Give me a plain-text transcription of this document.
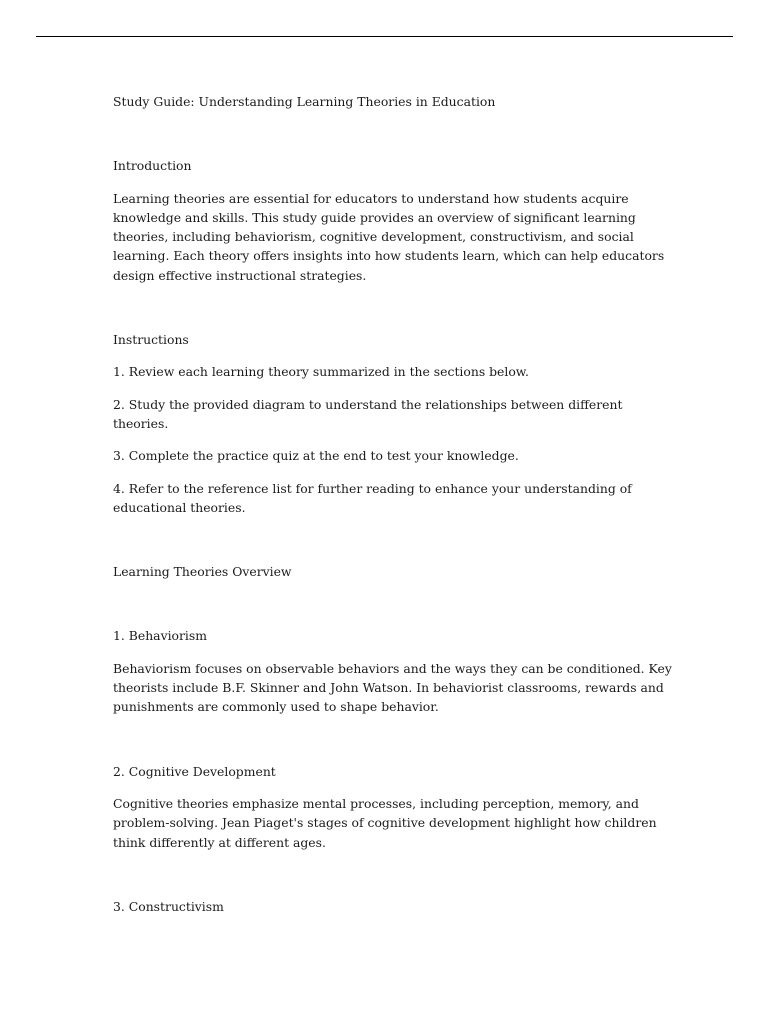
Study Guide: Understanding Learning Theories in Education

Introduction

Learning theories are essential for educators to understand how students acquire knowledge and skills. This study guide provides an overview of significant learning theories, including behaviorism, cognitive development, constructivism, and social learning. Each theory offers insights into how students learn, which can help educators design effective instructional strategies.

Instructions

1. Review each learning theory summarized in the sections below.

2. Study the provided diagram to understand the relationships between different theories.

3. Complete the practice quiz at the end to test your knowledge.

4. Refer to the reference list for further reading to enhance your understanding of educational theories.

Learning Theories Overview

1. Behaviorism

Behaviorism focuses on observable behaviors and the ways they can be conditioned. Key theorists include B.F. Skinner and John Watson. In behaviorist classrooms, rewards and punishments are commonly used to shape behavior.

2. Cognitive Development

Cognitive theories emphasize mental processes, including perception, memory, and problem-solving. Jean Piaget's stages of cognitive development highlight how children think differently at different ages.

3. Constructivism
